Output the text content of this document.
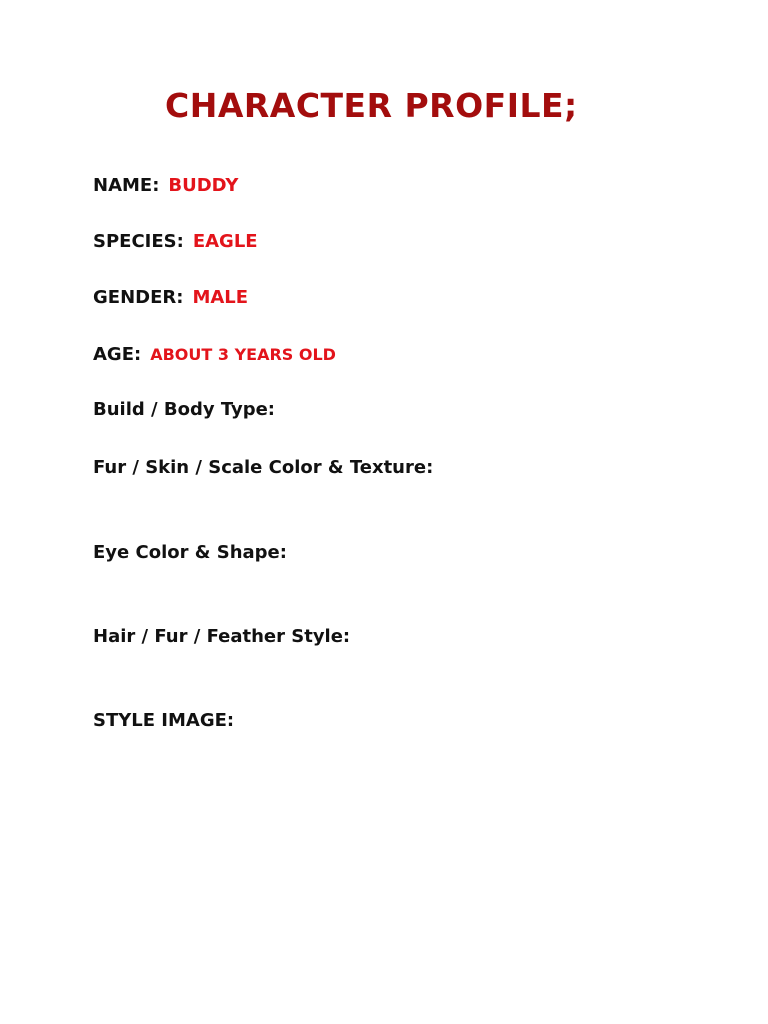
CHARACTER PROFILE;
NAME: BUDDY
SPECIES: EAGLE
GENDER: MALE
AGE: ABOUT 3 YEARS OLD
Build / Body Type:
Fur / Skin / Scale Color & Texture:
Eye Color & Shape:
Hair / Fur / Feather Style:
STYLE IMAGE:
